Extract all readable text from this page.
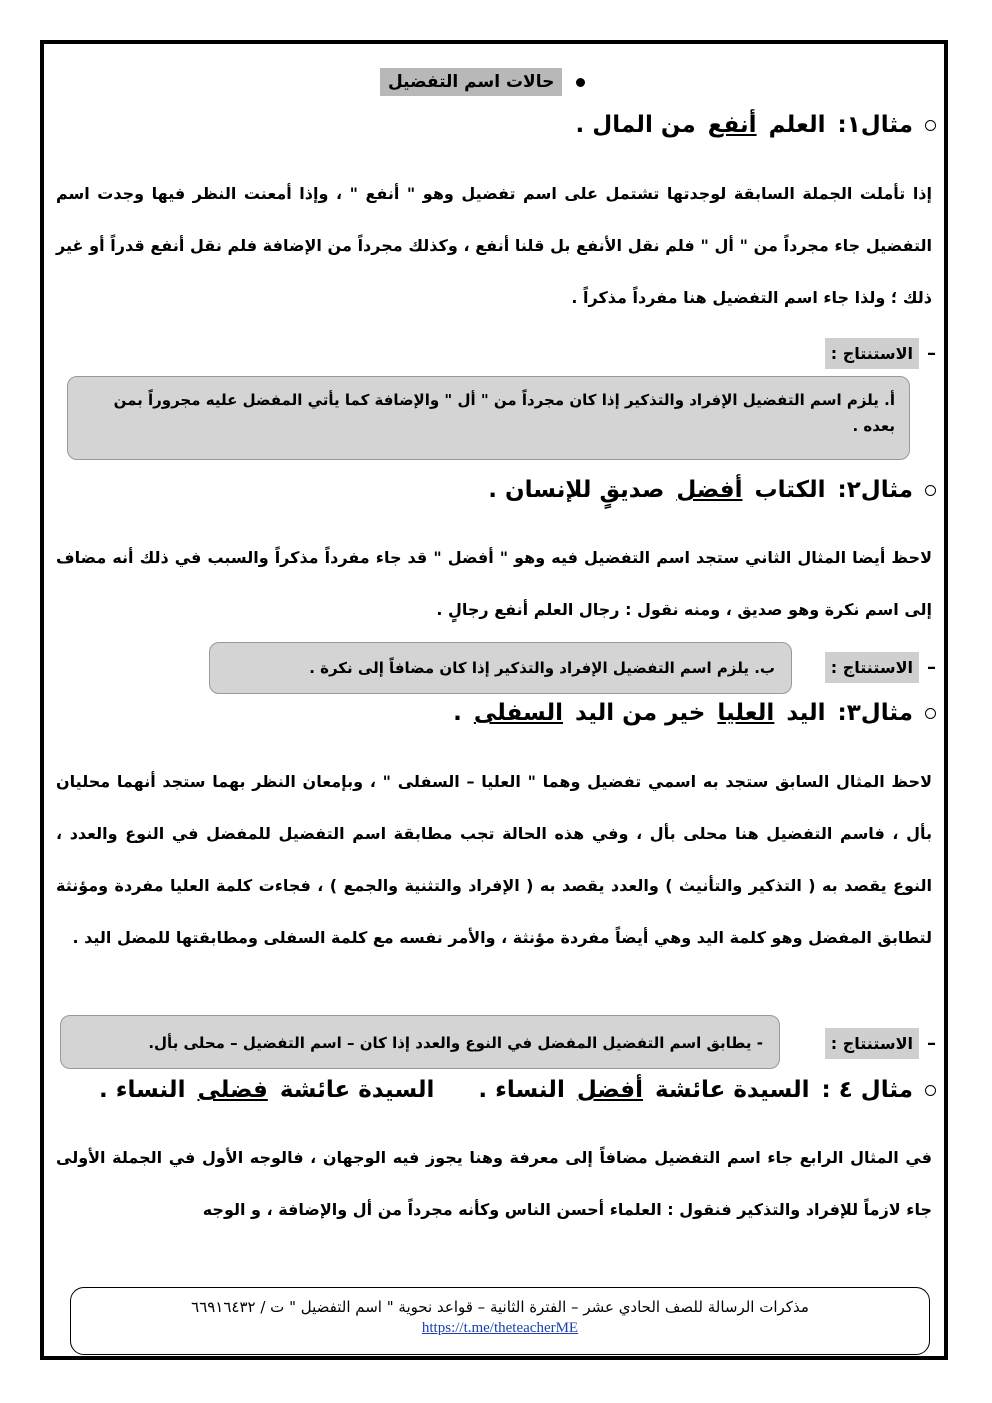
حالات اسم التفضيل
مثال١:
العلم
أنفع
من المال .
إذا تأملت الجملة السابقة لوجدتها تشتمل على اسم تفضيل وهو " أنفع " ، وإذا أمعنت النظر فيها وجدت اسم التفضيل جاء مجرداً من " أل " فلم نقل الأنفع بل قلنا أنفع ، وكذلك مجرداً من الإضافة فلم نقل أنفع قدراً أو غير ذلك ؛ ولذا جاء اسم التفضيل هنا مفرداً مذكراً .
–
الاستنتاج :
أ. يلزم اسم التفضيل الإفراد والتذكير إذا كان مجرداً من " أل " والإضافة كما يأتي المفضل عليه مجروراً بمن بعده .
مثال٢:
الكتاب
أفضل
صديقٍ للإنسان .
لاحظ أيضا المثال الثاني ستجد اسم التفضيل فيه وهو " أفضل " قد جاء مفرداً مذكراً والسبب في ذلك أنه مضاف إلى اسم نكرة وهو صديق ، ومنه نقول : رجال العلم أنفع رجالٍ .
–
الاستنتاج :
ب. يلزم اسم التفضيل الإفراد والتذكير إذا كان مضافاً إلى نكرة .
مثال٣:
اليد
العليا
خير من اليد
السفلى
.
لاحظ المثال السابق ستجد به اسمي تفضيل وهما " العليا – السفلى " ، وبإمعان النظر بهما ستجد أنهما محليان بأل ، فاسم التفضيل هنا محلى بأل ، وفي هذه الحالة تجب مطابقة اسم التفضيل للمفضل في النوع والعدد ، النوع يقصد به ( التذكير والتأنيث ) والعدد يقصد به ( الإفراد والتثنية والجمع ) ، فجاءت كلمة العليا مفردة ومؤنثة لتطابق المفضل وهو كلمة اليد وهي أيضاً مفردة مؤنثة ، والأمر نفسه مع كلمة السفلى ومطابقتها للمضل اليد .
–
الاستنتاج :
- يطابق اسم التفضيل المفضل في النوع والعدد إذا كان – اسم التفضيل – محلى بأل.
مثال ٤ :
السيدة عائشة
أفضل
النساء .
السيدة عائشة
فضلى
النساء .
في المثال الرابع جاء اسم التفضيل مضافاً إلى معرفة وهنا يجوز فيه الوجهان ، فالوجه الأول في الجملة الأولى جاء لازماً للإفراد والتذكير فنقول : العلماء أحسن الناس وكأنه مجرداً من أل والإضافة ، و الوجه
مذكرات الرسالة للصف الحادي عشر – الفترة الثانية – قواعد نحوية " اسم التفضيل " ت / ٦٦٩١٦٤٣٢
https://t.me/theteacherME
